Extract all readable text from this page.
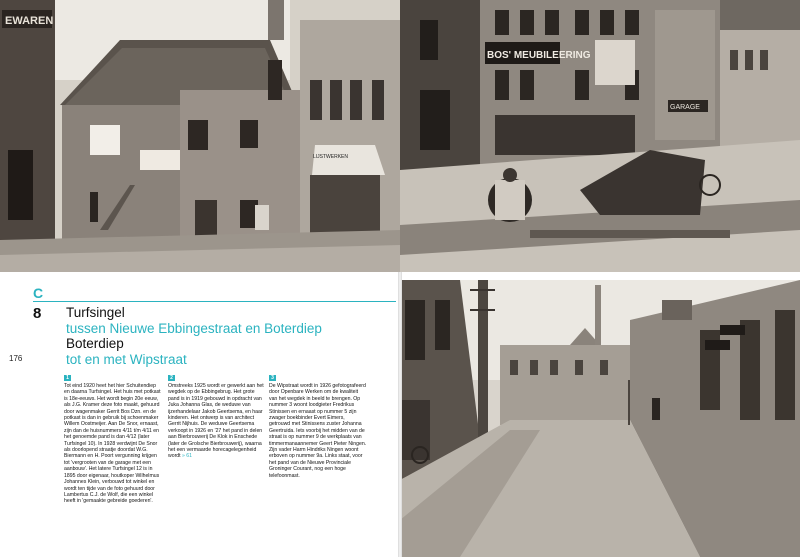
EWAREN
LIJSTWERKEN
BOS' MEUBILEERING
GARAGE
C
8 Turfsingel
tussen Nieuwe Ebbingestraat en Boterdiep
Boterdiep
tot en met Wipstraat
176
1
Tot eind 1920 heet het hier Schuitendiep en daarna Turfsingel. Het huis met potkast is 18e-eeuws. Het wordt begin 20e eeuw, als J.G. Kramer deze foto maakt, gehuurd door wagenmaker Gerrit Bos Dzn. en de potkast is dan in gebruik bij schoenmaker Willem Oostmeijer. Aan De Snor, ernaast, zijn dan de huisnummers 4/11 t/m 4/11 en het genoemde pand is dan 4/12 (later Turfsingel 10). In 1928 verdwijnt De Snor als doorlopend straatje doordat W.G. Biermann en H. Poort vergunning krijgen tot 'vergrooten van de garage met een aanbouw'. Het latere Turfsingel 12 is in 1895 door eigenaar, houtkoper Wilhelmus Johannes Klein, verbouwd tot winkel en wordt ten tijde van de foto gehuurd door Lambertus C.J. de Wolf, die een winkel heeft in 'gemaakte gebreide goederen'.
2
Omstreeks 1925 wordt er gewerkt aan het wegdek op de Ebbingebrug. Het grote pand is in 1919 gebouwd in opdracht van Juka Johanna Glas, de weduwe van ijzerhandelaar Jakob Geertsema, en haar kinderen. Het ontwerp is van architect Gerrit Nijhuis. De weduwe Geertsema verkoopt in 1926 en '27 het pand in delen aan Bierbrouwerij De Klok in Enschede (later de Grolsche Bierbrouwerij), waarna het een vermaarde horecagelegenheid wordt » 61
3
De Wipstraat wordt in 1926 gefotografeerd door Openbare Werken om de kwaliteit van het wegdek in beeld te brengen. Op nummer 3 woont loodgieter Fredrikus Stinissen en ernaast op nummer 5 zijn zwager boekbinder Evert Eimers, getrouwd met Stinissens zuster Johanna Geertruida. Iets voorbij het midden van de straat is op nummer 9 de werkplaats van timmermanaannemer Geert Pieter Ningen. Zijn vader Harm Hindriks Ningen woont erboven op nummer 9a. Links staat, voor het pand van de Nieuwe Provinciale Groninger Courant, nog een hoge telefoonmast.
